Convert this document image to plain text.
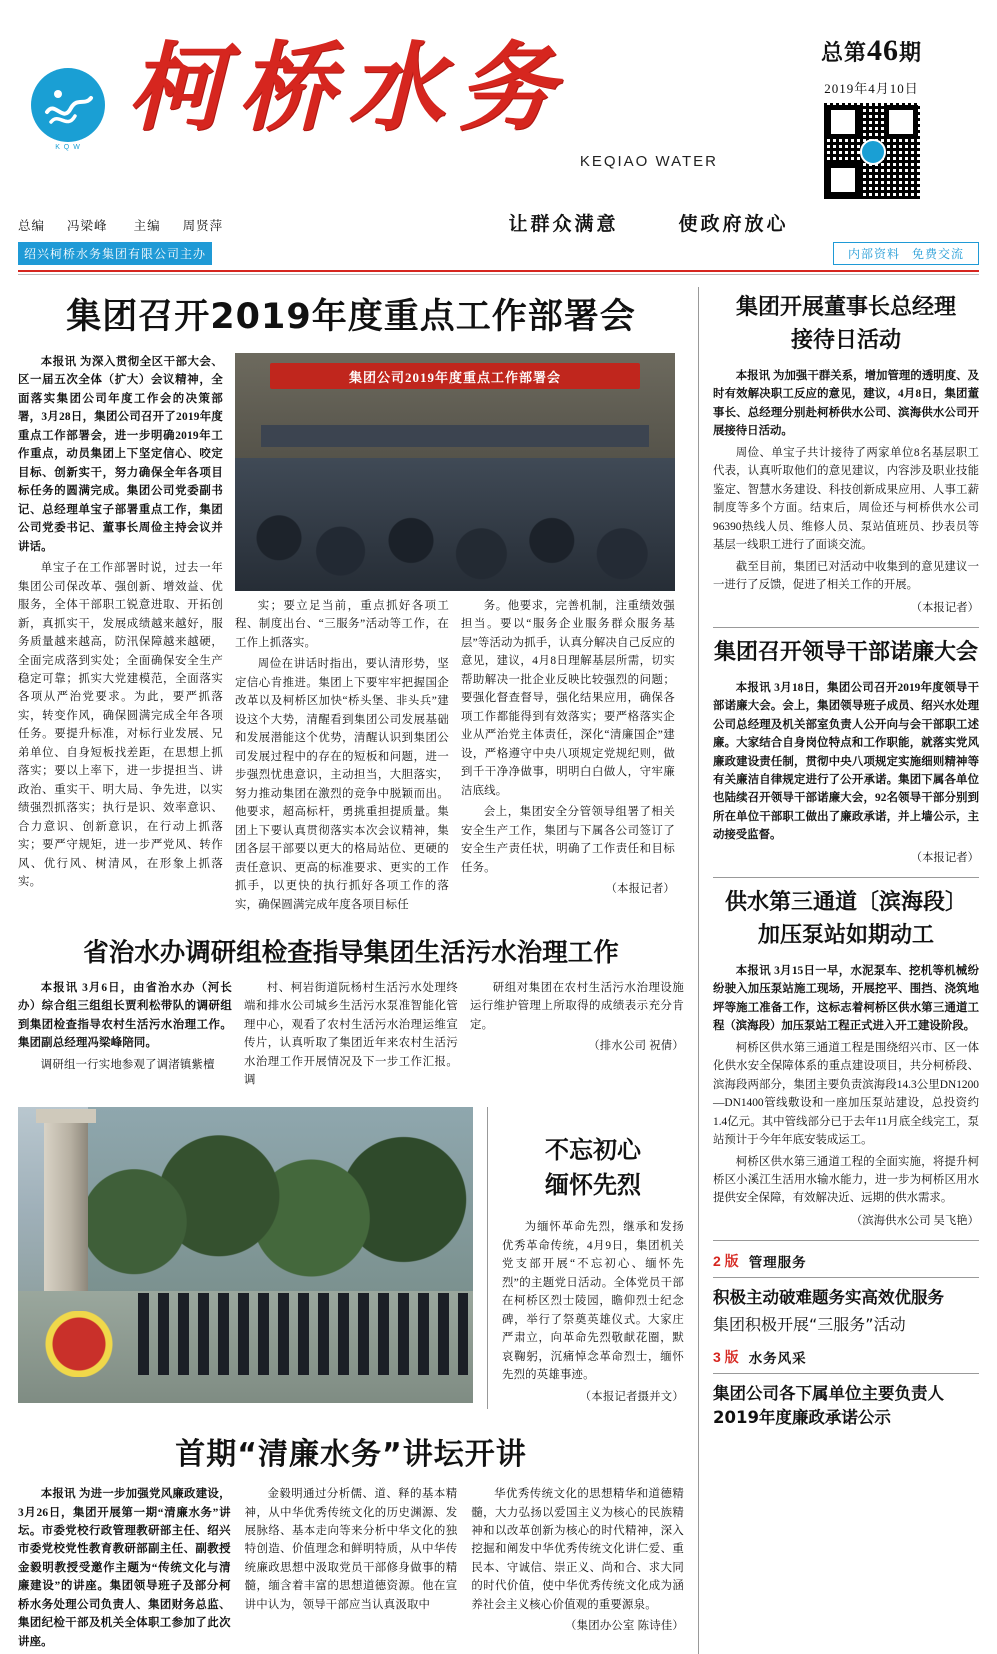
K Q W
柯桥水务
KEQIAO WATER
总第46期
2019年4月10日
总编 冯梁峰 主编 周贤萍	让群众满意	使政府放心
绍兴柯桥水务集团有限公司主办	内部资料 免费交流
集团召开2019年度重点工作部署会

本报讯 为深入贯彻全区干部大会、区一届五次全体（扩大）会议精神，全面落实集团公司年度工作会的决策部署，3月28日，集团公司召开了2019年度重点工作部署会，进一步明确2019年工作重点，动员集团上下坚定信心、咬定目标、创新实干，努力确保全年各项目标任务的圆满完成。集团公司党委副书记、总经理单宝子部署重点工作，集团公司党委书记、董事长周俭主持会议并讲话。

单宝子在工作部署时说，过去一年集团公司保改革、强创新、增效益、优服务，全体干部职工锐意进取、开拓创新，真抓实干，发展成绩越来越好，服务质量越来越高，防汛保障越来越硬，全面完成落到实处；全面确保安全生产稳定可靠；抓实大党建模范，全面落实各项从严治党要求。为此，要严抓落实，转变作风，确保圆满完成全年各项任务。要提升标准，对标行业发展、兄弟单位、自身短板找差距，在思想上抓落实；要以上率下，进一步提担当、讲政治、重实干、明大局、争先进，以实绩强烈抓落实；执行是识、效率意识、合力意识、创新意识，在行动上抓落实；要严守规矩，进一步严党风、转作风、优行风、树清风，在形象上抓落实。

集团公司2019年度重点工作部署会

实；要立足当前，重点抓好各项工程、制度出台、“三服务”活动等工作，在工作上抓落实。

周俭在讲话时指出，要认清形势，坚定信心肯推进。集团上下要牢牢把握国企改革以及柯桥区加快“桥头堡、非头兵”建设这个大势，清醒看到集团公司发展基础和发展潜能这个优势，清醒认识到集团公司发展过程中的存在的短板和问题，进一步强烈忧患意识，主动担当，大胆落实，努力推动集团在激烈的竞争中脱颖而出。他要求，超高标杆，勇挑重担提质量。集团上下要认真贯彻落实本次会议精神，集团各层干部要以更大的格局站位、更硬的责任意识、更高的标准要求、更实的工作抓手，以更快的执行抓好各项工作的落实，确保圆满完成年度各项目标任

务。他要求，完善机制，注重绩效强担当。要以“服务企业服务群众服务基层”等活动为抓手，认真分解决自己反应的意见，建议，4月8日理解基层所需，切实帮助解决一批企业反映比较强烈的问题；要强化督查督导，强化结果应用，确保各项工作都能得到有效落实；要严格落实企业从严治党主体责任，深化“清廉国企”建设，严格遵守中央八项规定党规纪则，做到千干净净做事，明明白白做人，守牢廉洁底线。

会上，集团安全分管领导组署了相关安全生产工作，集团与下属各公司签订了安全生产责任状，明确了工作责任和目标任务。

（本报记者）

省治水办调研组检查指导集团生活污水治理工作

本报讯 3月6日，由省治水办（河长办）综合组三组组长贾利松带队的调研组到集团检查指导农村生活污水治理工作。集团副总经理冯梁峰陪同。

调研组一行实地参观了调渚镇紫檀

村、柯岩街道阮杨村生活污水处理终端和排水公司城乡生活污水泵准智能化管理中心，观看了农村生活污水治理运维宣传片，认真听取了集团近年来农村生活污水治理工作开展情况及下一步工作汇报。调

研组对集团在农村生活污水治理设施运行维护管理上所取得的成绩表示充分肯定。

（排水公司 祝倩）

不忘初心
缅怀先烈

为缅怀革命先烈，继承和发扬优秀革命传统，4月9日，集团机关党支部开展“不忘初心、缅怀先烈”的主题党日活动。全体党员干部在柯桥区烈士陵园，瞻仰烈士纪念碑，举行了祭奠英雄仪式。大家庄严肃立，向革命先烈敬献花圈，默哀鞠躬，沉痛悼念革命烈士，缅怀先烈的英雄事迹。

（本报记者摄并文）

首期“清廉水务”讲坛开讲

本报讯 为进一步加强党风廉政建设，3月26日，集团开展第一期“清廉水务”讲坛。市委党校行政管理教研部主任、绍兴市委党校党性教育教研部副主任、副教授金毅明教授受邀作主题为“传统文化与清廉建设”的讲座。集团领导班子及部分柯桥水务处理公司负责人、集团财务总监、集团纪检干部及机关全体职工参加了此次讲座。

金毅明通过分析儒、道、释的基本精神，从中华优秀传统文化的历史渊源、发展脉络、基本走向等来分析中华文化的独特创造、价值理念和鲜明特质，从中华传统廉政思想中汲取党员干部修身做事的精髓，缅含着丰富的思想道德资源。他在宣讲中认为，领导干部应当认真汲取中

华优秀传统文化的思想精华和道德精髓，大力弘扬以爱国主义为核心的民族精神和以改革创新为核心的时代精神，深入挖掘和阐发中华优秀传统文化讲仁爱、重民本、守诚信、崇正义、尚和合、求大同的时代价值，使中华优秀传统文化成为涵养社会主义核心价值观的重要源泉。

（集团办公室 陈诗佳）

集团开展董事长总经理
接待日活动

本报讯 为加强干群关系，增加管理的透明度、及时有效解决职工反应的意见，建议，4月8日，集团董事长、总经理分别赴柯桥供水公司、滨海供水公司开展接待日活动。

周俭、单宝子共计接待了两家单位8名基层职工代表，认真听取他们的意见建议，内容涉及职业技能鉴定、智慧水务建设、科技创新成果应用、人事工薪制度等多个方面。结束后，周俭还与柯桥供水公司96390热线人员、维修人员、泵站值班员、抄表员等基层一线职工进行了面谈交流。

截至目前，集团已对活动中收集到的意见建议一一进行了反馈，促进了相关工作的开展。

（本报记者）
集团召开领导干部诺廉大会

本报讯 3月18日，集团公司召开2019年度领导干部诺廉大会。会上，集团领导班子成员、绍兴水处理公司总经理及机关部室负责人公开向与会干部职工述廉。大家结合自身岗位特点和工作职能，就落实党风廉政建设责任制，贯彻中央八项规定实施细则精神等有关廉洁自律规定进行了公开承诺。集团下属各单位也陆续召开领导干部诺廉大会，92名领导干部分别到所在单位干部职工做出了廉政承诺，并上墙公示，主动接受监督。

（本报记者）
供水第三通道〔滨海段〕
加压泵站如期动工

本报讯 3月15日一早，水泥泵车、挖机等机械纷纷驶入加压泵站施工现场，开展挖平、围挡、浇筑地坪等施工准备工作，这标志着柯桥区供水第三通道工程（滨海段）加压泵站工程正式进入开工建设阶段。

柯桥区供水第三通道工程是围绕绍兴市、区一体化供水安全保障体系的重点建设项目，共分柯桥段、滨海段两部分，集团主要负责滨海段14.3公里DN1200—DN1400管线敷设和一座加压泵站建设，总投资约1.4亿元。其中管线部分已于去年11月底全线完工，泵站预计于今年年底安装成运工。

柯桥区供水第三通道工程的全面实施，将提升柯桥区小溪江生活用水输水能力，进一步为柯桥区用水提供安全保障，有效解决近、远期的供水需求。

（滨海供水公司 吴飞艳）
2 版 管理服务
积极主动破难题务实高效优服务
集团积极开展“三服务”活动
3 版 水务风采
集团公司各下属单位主要负责人
2019年度廉政承诺公示
